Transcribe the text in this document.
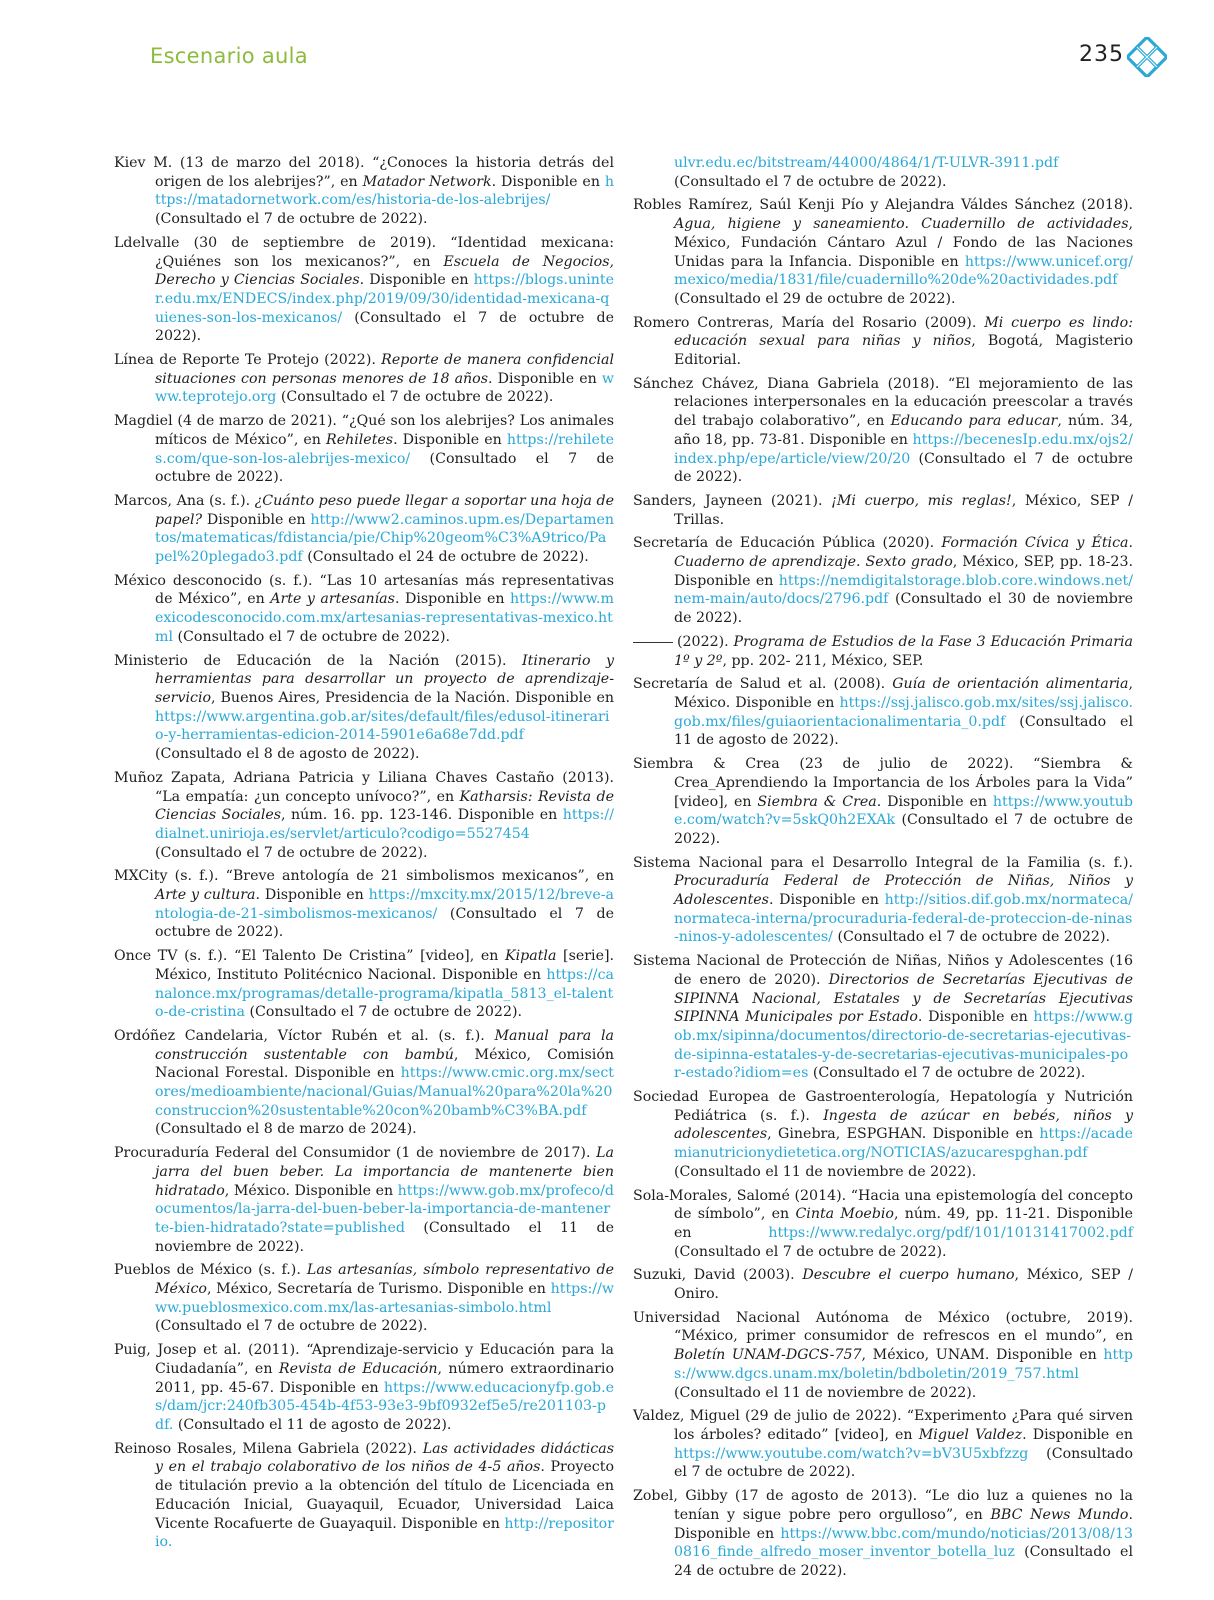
Escenario aula	235

Kiev M. (13 de marzo del 2018). “¿Conoces la historia detrás del origen de los alebrijes?”, en Matador Network. Disponible en https://matadornetwork.com/es/historia-de-los-alebrijes/ (Consultado el 7 de octubre de 2022).

Ldelvalle (30 de septiembre de 2019). “Identidad mexicana: ¿Quiénes son los mexicanos?”, en Escuela de Negocios, Derecho y Ciencias Sociales. Disponible en https://blogs.uninter.edu.mx/ENDECS/index.php/2019/09/30/identidad-mexicana-quienes-son-los-mexicanos/ (Consultado el 7 de octubre de 2022).

Línea de Reporte Te Protejo (2022). Reporte de manera confidencial situaciones con personas menores de 18 años. Disponible en www.teprotejo.org (Consultado el 7 de octubre de 2022).

Magdiel (4 de marzo de 2021). “¿Qué son los alebrijes? Los animales míticos de México”, en Rehiletes. Disponible en https://rehiletes.com/que-son-los-alebrijes-mexico/ (Consultado el 7 de octubre de 2022).

Marcos, Ana (s. f.). ¿Cuánto peso puede llegar a soportar una hoja de papel? Disponible en http://www2.caminos.upm.es/Departamentos/matematicas/fdistancia/pie/Chip%20geom%C3%A9trico/Papel%20plegado3.pdf (Consultado el 24 de octubre de 2022).

México desconocido (s. f.). “Las 10 artesanías más representativas de México”, en Arte y artesanías. Disponible en https://www.mexicodesconocido.com.mx/artesanias-representativas-mexico.html (Consultado el 7 de octubre de 2022).

Ministerio de Educación de la Nación (2015). Itinerario y herramientas para desarrollar un proyecto de aprendizaje-servicio, Buenos Aires, Presidencia de la Nación. Disponible en https://www.argentina.gob.ar/sites/default/files/edusol-itinerario-y-herramientas-edicion-2014-5901e6a68e7dd.pdf (Consultado el 8 de agosto de 2022).

Muñoz Zapata, Adriana Patricia y Liliana Chaves Castaño (2013). “La empatía: ¿un concepto unívoco?”, en Katharsis: Revista de Ciencias Sociales, núm. 16. pp. 123-146. Disponible en https://dialnet.unirioja.es/servlet/articulo?codigo=5527454 (Consultado el 7 de octubre de 2022).

MXCity (s. f.). “Breve antología de 21 simbolismos mexicanos”, en Arte y cultura. Disponible en https://mxcity.mx/2015/12/breve-antologia-de-21-simbolismos-mexicanos/ (Consultado el 7 de octubre de 2022).

Once TV (s. f.). “El Talento De Cristina” [video], en Kipatla [serie]. México, Instituto Politécnico Nacional. Disponible en https://canalonce.mx/programas/detalle-programa/kipatla_5813_el-talento-de-cristina (Consultado el 7 de octubre de 2022).

Ordóñez Candelaria, Víctor Rubén et al. (s. f.). Manual para la construcción sustentable con bambú, México, Comisión Nacional Forestal. Disponible en https://www.cmic.org.mx/sectores/medioambiente/nacional/Guias/Manual%20para%20la%20construccion%20sustentable%20con%20bamb%C3%BA.pdf (Consultado el 8 de marzo de 2024).

Procuraduría Federal del Consumidor (1 de noviembre de 2017). La jarra del buen beber. La importancia de mantenerte bien hidratado, México. Disponible en https://www.gob.mx/profeco/documentos/la-jarra-del-buen-beber-la-importancia-de-mantenerte-bien-hidratado?state=published (Consultado el 11 de noviembre de 2022).

Pueblos de México (s. f.). Las artesanías, símbolo representativo de México, México, Secretaría de Turismo. Disponible en https://www.pueblosmexico.com.mx/las-artesanias-simbolo.html (Consultado el 7 de octubre de 2022).

Puig, Josep et al. (2011). “Aprendizaje-servicio y Educación para la Ciudadanía”, en Revista de Educación, número extraordinario 2011, pp. 45-67. Disponible en https://www.educacionyfp.gob.es/dam/jcr:240fb305-454b-4f53-93e3-9bf0932ef5e5/re201103-pdf. (Consultado el 11 de agosto de 2022).

Reinoso Rosales, Milena Gabriela (2022). Las actividades didácticas y en el trabajo colaborativo de los niños de 4-5 años. Proyecto de titulación previo a la obtención del título de Licenciada en Educación Inicial, Guayaquil, Ecuador, Universidad Laica Vicente Rocafuerte de Guayaquil. Disponible en http://repositorio.

ulvr.edu.ec/bitstream/44000/4864/1/T-ULVR-3911.pdf (Consultado el 7 de octubre de 2022).

Robles Ramírez, Saúl Kenji Pío y Alejandra Váldes Sánchez (2018). Agua, higiene y saneamiento. Cuadernillo de actividades, México, Fundación Cántaro Azul / Fondo de las Naciones Unidas para la Infancia. Disponible en https://www.unicef.org/mexico/media/1831/file/cuadernillo%20de%20actividades.pdf (Consultado el 29 de octubre de 2022).

Romero Contreras, María del Rosario (2009). Mi cuerpo es lindo: educación sexual para niñas y niños, Bogotá, Magisterio Editorial.

Sánchez Chávez, Diana Gabriela (2018). “El mejoramiento de las relaciones interpersonales en la educación preescolar a través del trabajo colaborativo”, en Educando para educar, núm. 34, año 18, pp. 73-81. Disponible en https://becenesIp.edu.mx/ojs2/index.php/epe/article/view/20/20 (Consultado el 7 de octubre de 2022).

Sanders, Jayneen (2021). ¡Mi cuerpo, mis reglas!, México, SEP / Trillas.

Secretaría de Educación Pública (2020). Formación Cívica y Ética. Cuaderno de aprendizaje. Sexto grado, México, SEP, pp. 18-23. Disponible en https://nemdigitalstorage.blob.core.windows.net/nem-main/auto/docs/2796.pdf (Consultado el 30 de noviembre de 2022).

(2022). Programa de Estudios de la Fase 3 Educación Primaria 1º y 2º, pp. 202- 211, México, SEP.

Secretaría de Salud et al. (2008). Guía de orientación alimentaria, México. Disponible en https://ssj.jalisco.gob.mx/sites/ssj.jalisco.gob.mx/files/guiaorientacionalimentaria_0.pdf (Consultado el 11 de agosto de 2022).

Siembra & Crea (23 de julio de 2022). “Siembra & Crea_Aprendiendo la Importancia de los Árboles para la Vida” [video], en Siembra & Crea. Disponible en https://www.youtube.com/watch?v=5skQ0h2EXAk (Consultado el 7 de octubre de 2022).

Sistema Nacional para el Desarrollo Integral de la Familia (s. f.). Procuraduría Federal de Protección de Niñas, Niños y Adolescentes. Disponible en http://sitios.dif.gob.mx/normateca/normateca-interna/procuraduria-federal-de-proteccion-de-ninas-ninos-y-adolescentes/ (Consultado el 7 de octubre de 2022).

Sistema Nacional de Protección de Niñas, Niños y Adolescentes (16 de enero de 2020). Directorios de Secretarías Ejecutivas de SIPINNA Nacional, Estatales y de Secretarías Ejecutivas SIPINNA Municipales por Estado. Disponible en https://www.gob.mx/sipinna/documentos/directorio-de-secretarias-ejecutivas-de-sipinna-estatales-y-de-secretarias-ejecutivas-municipales-por-estado?idiom=es (Consultado el 7 de octubre de 2022).

Sociedad Europea de Gastroenterología, Hepatología y Nutrición Pediátrica (s. f.). Ingesta de azúcar en bebés, niños y adolescentes, Ginebra, ESPGHAN. Disponible en https://academianutricionydietetica.org/NOTICIAS/azucarespghan.pdf (Consultado el 11 de noviembre de 2022).

Sola-Morales, Salomé (2014). “Hacia una epistemología del concepto de símbolo”, en Cinta Moebio, núm. 49, pp. 11-21. Disponible en https://www.redalyc.org/pdf/101/10131417002.pdf (Consultado el 7 de octubre de 2022).

Suzuki, David (2003). Descubre el cuerpo humano, México, SEP / Oniro.

Universidad Nacional Autónoma de México (octubre, 2019). “México, primer consumidor de refrescos en el mundo”, en Boletín UNAM-DGCS-757, México, UNAM. Disponible en https://www.dgcs.unam.mx/boletin/bdboletin/2019_757.html (Consultado el 11 de noviembre de 2022).

Valdez, Miguel (29 de julio de 2022). “Experimento ¿Para qué sirven los árboles? editado” [video], en Miguel Valdez. Disponible en https://www.youtube.com/watch?v=bV3U5xbfzzg (Consultado el 7 de octubre de 2022).

Zobel, Gibby (17 de agosto de 2013). “Le dio luz a quienes no la tenían y sigue pobre pero orgulloso”, en BBC News Mundo. Disponible en https://www.bbc.com/mundo/noticias/2013/08/130816_finde_alfredo_moser_inventor_botella_luz (Consultado el 24 de octubre de 2022).
